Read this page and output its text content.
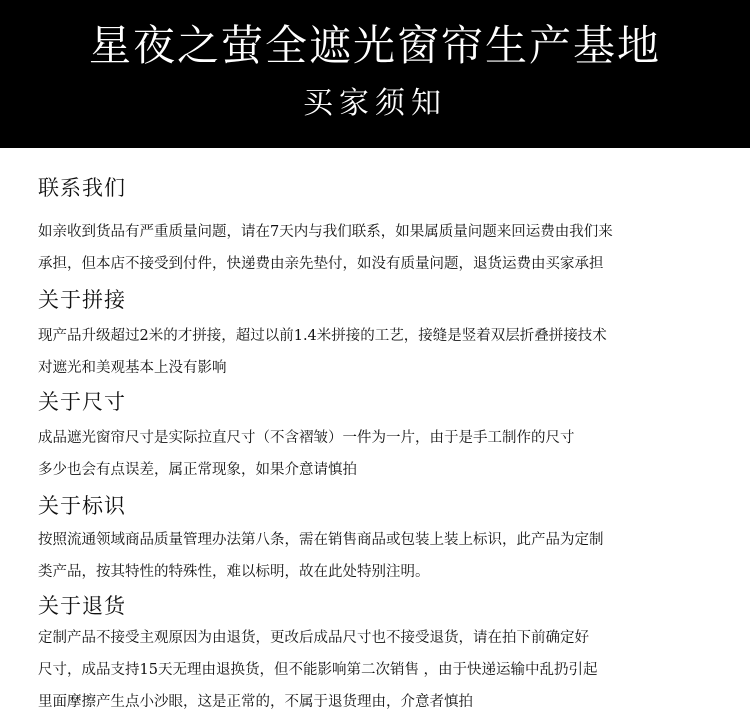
星夜之萤全遮光窗帘生产基地
买家须知
联系我们
如亲收到货品有严重质量问题，请在7天内与我们联系，如果属质量问题来回运费由我们来
承担，但本店不接受到付件，快递费由亲先垫付，如没有质量问题，退货运费由买家承担
关于拼接
现产品升级超过2米的才拼接，超过以前1.4米拼接的工艺，接缝是竖着双层折叠拼接技术
对遮光和美观基本上没有影响
关于尺寸
成品遮光窗帘尺寸是实际拉直尺寸（不含褶皱）一件为一片，由于是手工制作的尺寸
多少也会有点误差，属正常现象，如果介意请慎拍
关于标识
按照流通领域商品质量管理办法第八条，需在销售商品或包装上装上标识，此产品为定制
类产品，按其特性的特殊性，难以标明，故在此处特别注明。
关于退货
定制产品不接受主观原因为由退货，更改后成品尺寸也不接受退货，请在拍下前确定好
尺寸，成品支持15天无理由退换货，但不能影响第二次销售 ，由于快递运输中乱扔引起
里面摩擦产生点小沙眼，这是正常的，不属于退货理由，介意者慎拍
